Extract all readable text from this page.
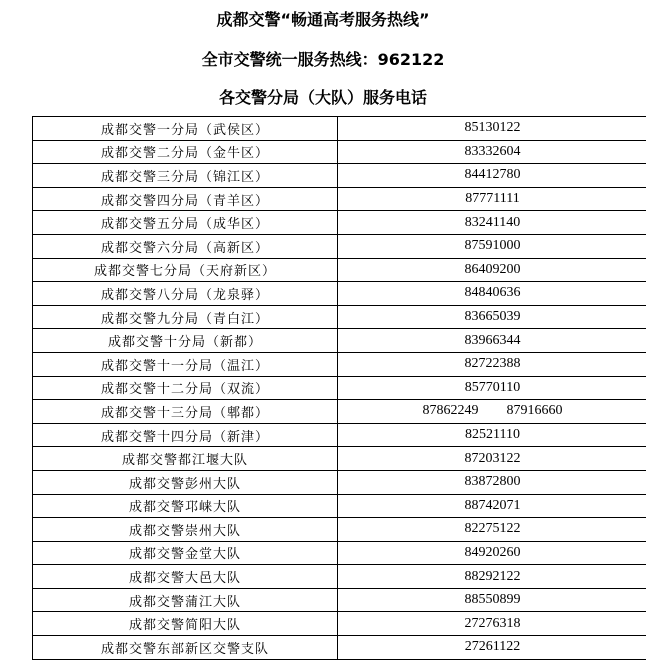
成都交警“畅通高考服务热线”
全市交警统一服务热线：962122
各交警分局（大队）服务电话
成都交警一分局（武侯区）	85130122
成都交警二分局（金牛区）	83332604
成都交警三分局（锦江区）	84412780
成都交警四分局（青羊区）	87771111
成都交警五分局（成华区）	83241140
成都交警六分局（高新区）	87591000
成都交警七分局（天府新区）	86409200
成都交警八分局（龙泉驿）	84840636
成都交警九分局（青白江）	83665039
成都交警十分局（新都）	83966344
成都交警十一分局（温江）	82722388
成都交警十二分局（双流）	85770110
成都交警十三分局（郫都）	87862249 87916660
成都交警十四分局（新津）	82521110
成都交警都江堰大队	87203122
成都交警彭州大队	83872800
成都交警邛崃大队	88742071
成都交警崇州大队	82275122
成都交警金堂大队	84920260
成都交警大邑大队	88292122
成都交警蒲江大队	88550899
成都交警简阳大队	27276318
成都交警东部新区交警支队	27261122
